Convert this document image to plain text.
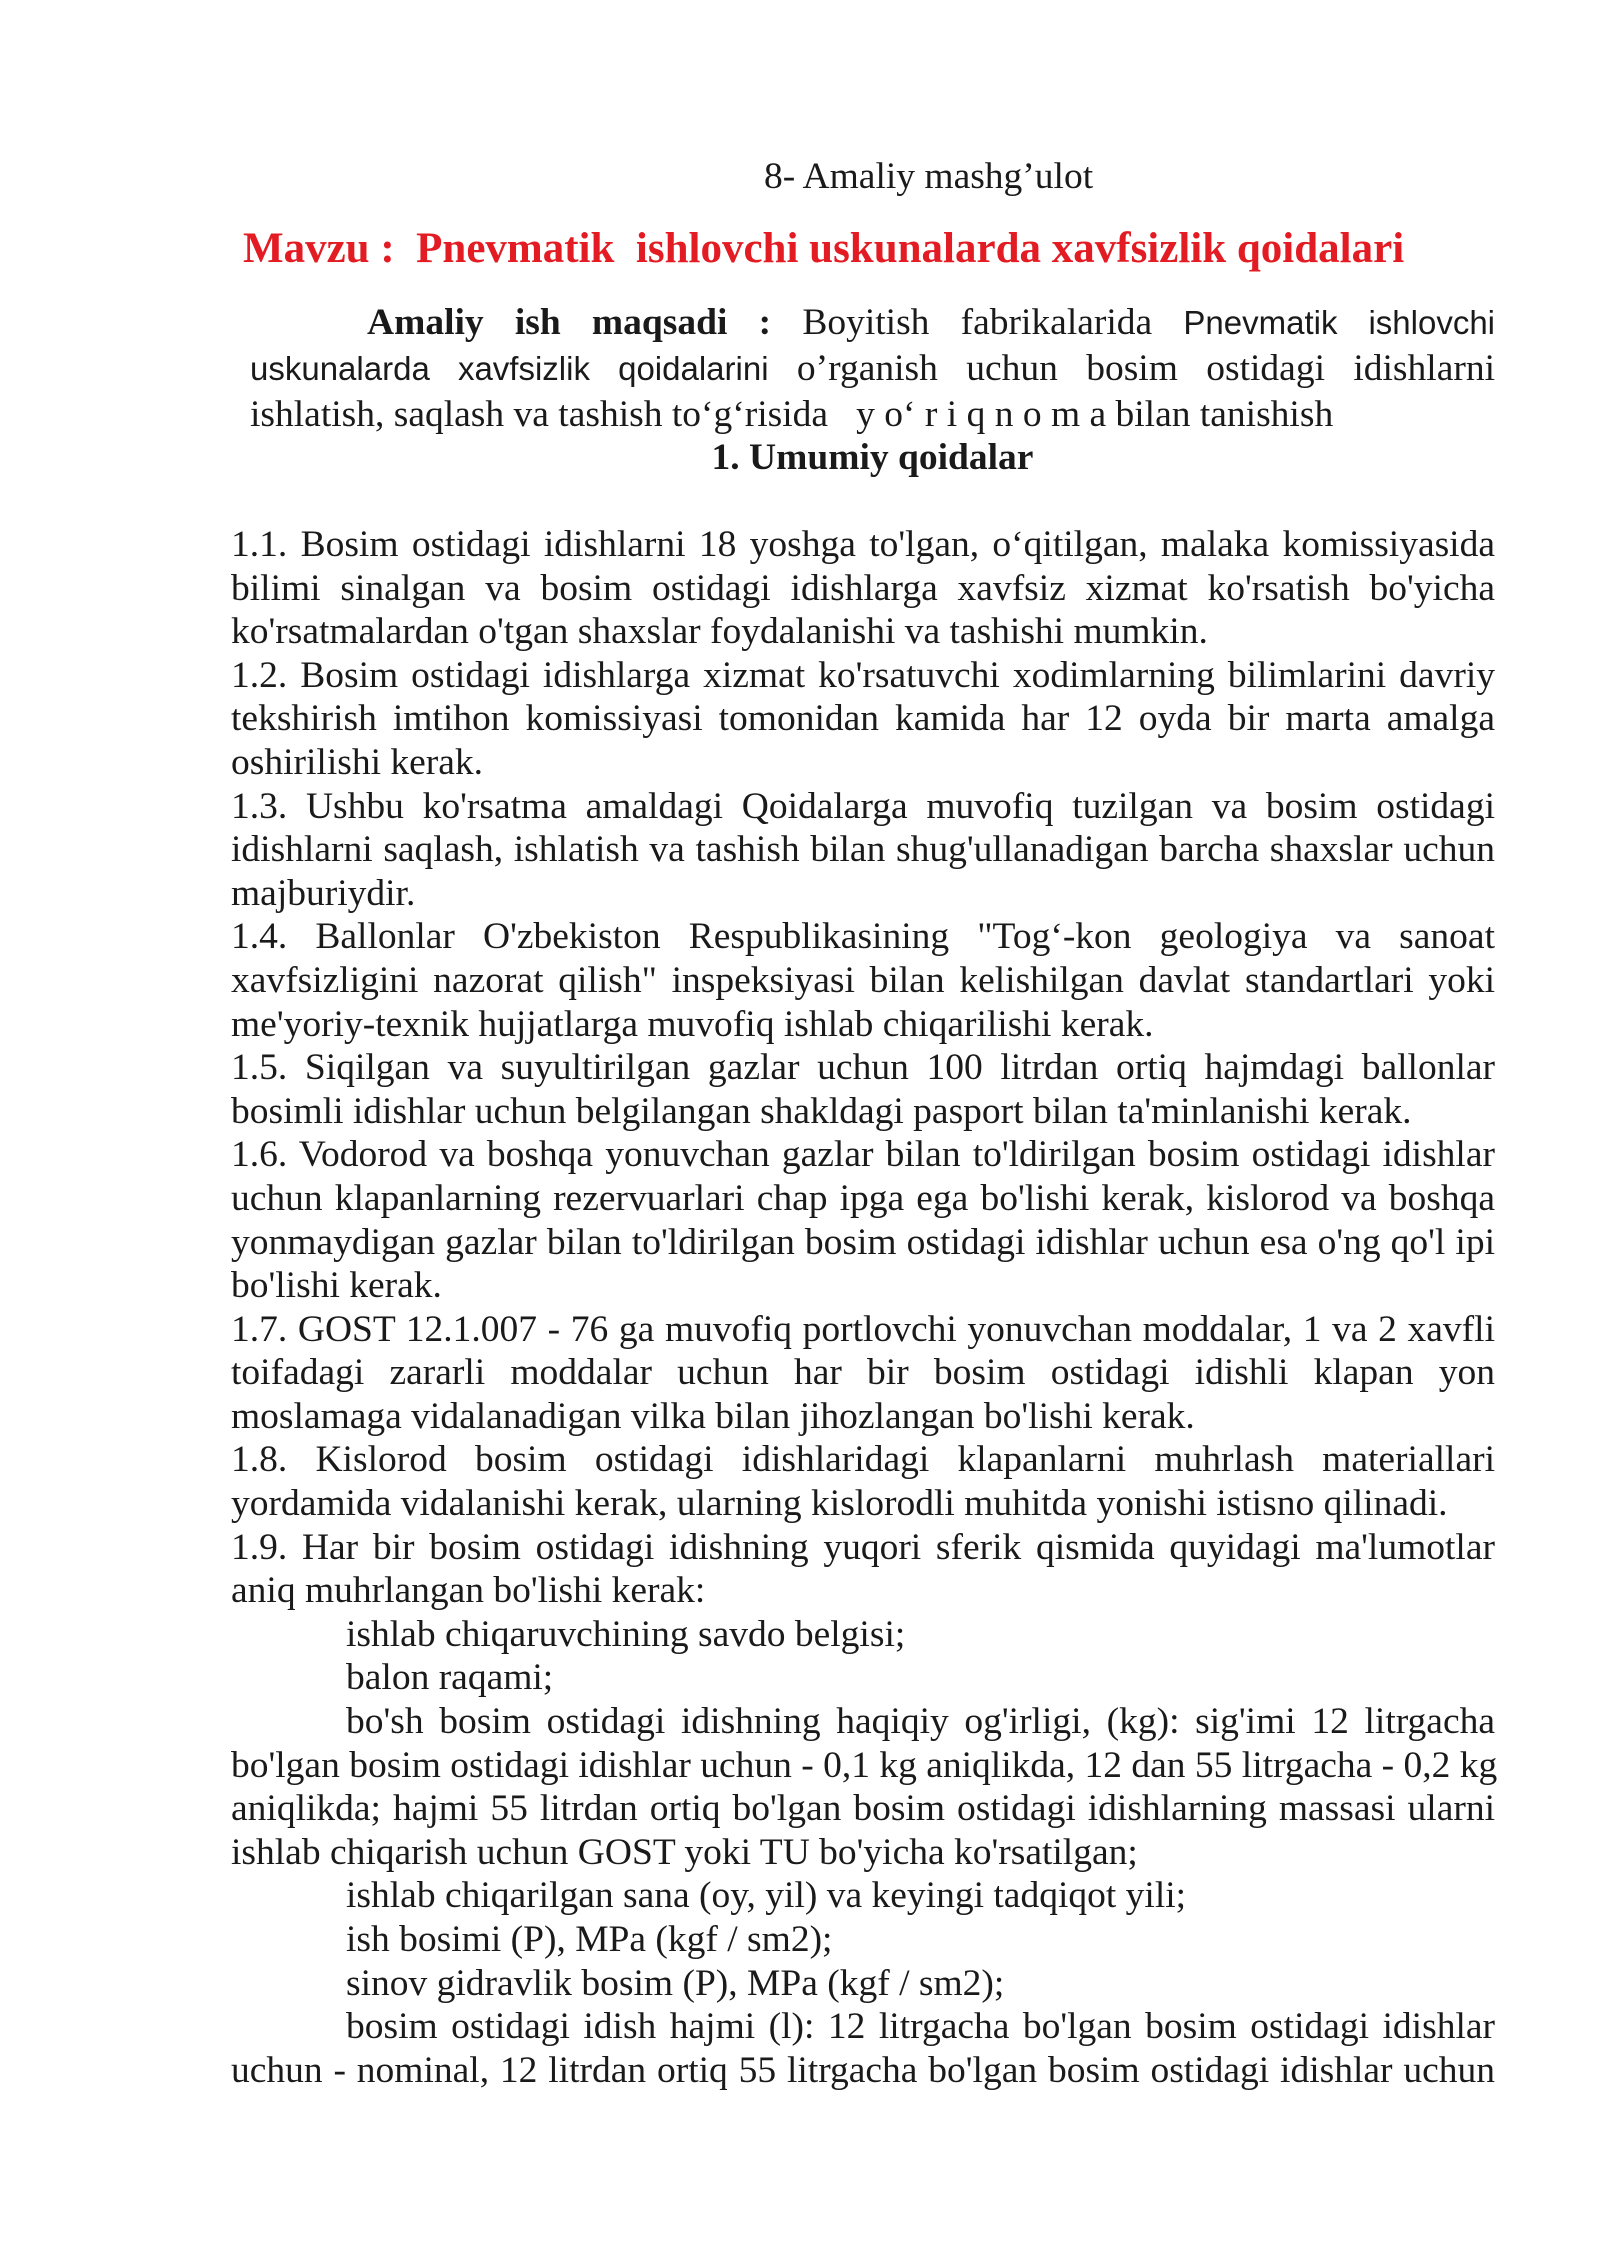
8- Amaliy mashg’ulot
Mavzu :  Pnevmatik  ishlovchi uskunalarda xavfsizlik qoidalari
Amaliy ish maqsadi : Boyitish fabrikalarida Pnevmatik ishlovchi
uskunalarda xavfsizlik qoidalarini o’rganish uchun bosim ostidagi idishlarni
ishlatish, saqlash va tashish to‘g‘risida   y o‘ r i q n o m a bilan tanishish
1. Umumiy qoidalar
1.1. Bosim ostidagi idishlarni 18 yoshga to'lgan, o‘qitilgan, malaka komissiyasida
bilimi sinalgan va bosim ostidagi idishlarga xavfsiz xizmat ko'rsatish bo'yicha
ko'rsatmalardan o'tgan shaxslar foydalanishi va tashishi mumkin.
1.2. Bosim ostidagi idishlarga xizmat ko'rsatuvchi xodimlarning bilimlarini davriy
tekshirish imtihon komissiyasi tomonidan kamida har 12 oyda bir marta amalga
oshirilishi kerak.
1.3. Ushbu ko'rsatma amaldagi Qoidalarga muvofiq tuzilgan va bosim ostidagi
idishlarni saqlash, ishlatish va tashish bilan shug'ullanadigan barcha shaxslar uchun
majburiydir.
1.4. Ballonlar O'zbekiston Respublikasining "Tog‘-kon geologiya va sanoat
xavfsizligini nazorat qilish" inspeksiyasi bilan kelishilgan davlat standartlari yoki
me'yoriy-texnik hujjatlarga muvofiq ishlab chiqarilishi kerak.
1.5. Siqilgan va suyultirilgan gazlar uchun 100 litrdan ortiq hajmdagi ballonlar
bosimli idishlar uchun belgilangan shakldagi pasport bilan ta'minlanishi kerak.
1.6. Vodorod va boshqa yonuvchan gazlar bilan to'ldirilgan bosim ostidagi idishlar
uchun klapanlarning rezervuarlari chap ipga ega bo'lishi kerak, kislorod va boshqa
yonmaydigan gazlar bilan to'ldirilgan bosim ostidagi idishlar uchun esa o'ng qo'l ipi
bo'lishi kerak.
1.7. GOST 12.1.007 - 76 ga muvofiq portlovchi yonuvchan moddalar, 1 va 2 xavfli
toifadagi zararli moddalar uchun har bir bosim ostidagi idishli klapan yon
moslamaga vidalanadigan vilka bilan jihozlangan bo'lishi kerak.
1.8. Kislorod bosim ostidagi idishlaridagi klapanlarni muhrlash materiallari
yordamida vidalanishi kerak, ularning kislorodli muhitda yonishi istisno qilinadi.
1.9. Har bir bosim ostidagi idishning yuqori sferik qismida quyidagi ma'lumotlar
aniq muhrlangan bo'lishi kerak:
ishlab chiqaruvchining savdo belgisi;
balon raqami;
bo'sh bosim ostidagi idishning haqiqiy og'irligi, (kg): sig'imi 12 litrgacha
bo'lgan bosim ostidagi idishlar uchun - 0,1 kg aniqlikda, 12 dan 55 litrgacha - 0,2 kg
aniqlikda; hajmi 55 litrdan ortiq bo'lgan bosim ostidagi idishlarning massasi ularni
ishlab chiqarish uchun GOST yoki TU bo'yicha ko'rsatilgan;
ishlab chiqarilgan sana (oy, yil) va keyingi tadqiqot yili;
ish bosimi (P), MPa (kgf / sm2);
sinov gidravlik bosim (P), MPa (kgf / sm2);
bosim ostidagi idish hajmi (l): 12 litrgacha bo'lgan bosim ostidagi idishlar
uchun - nominal, 12 litrdan ortiq 55 litrgacha bo'lgan bosim ostidagi idishlar uchun
